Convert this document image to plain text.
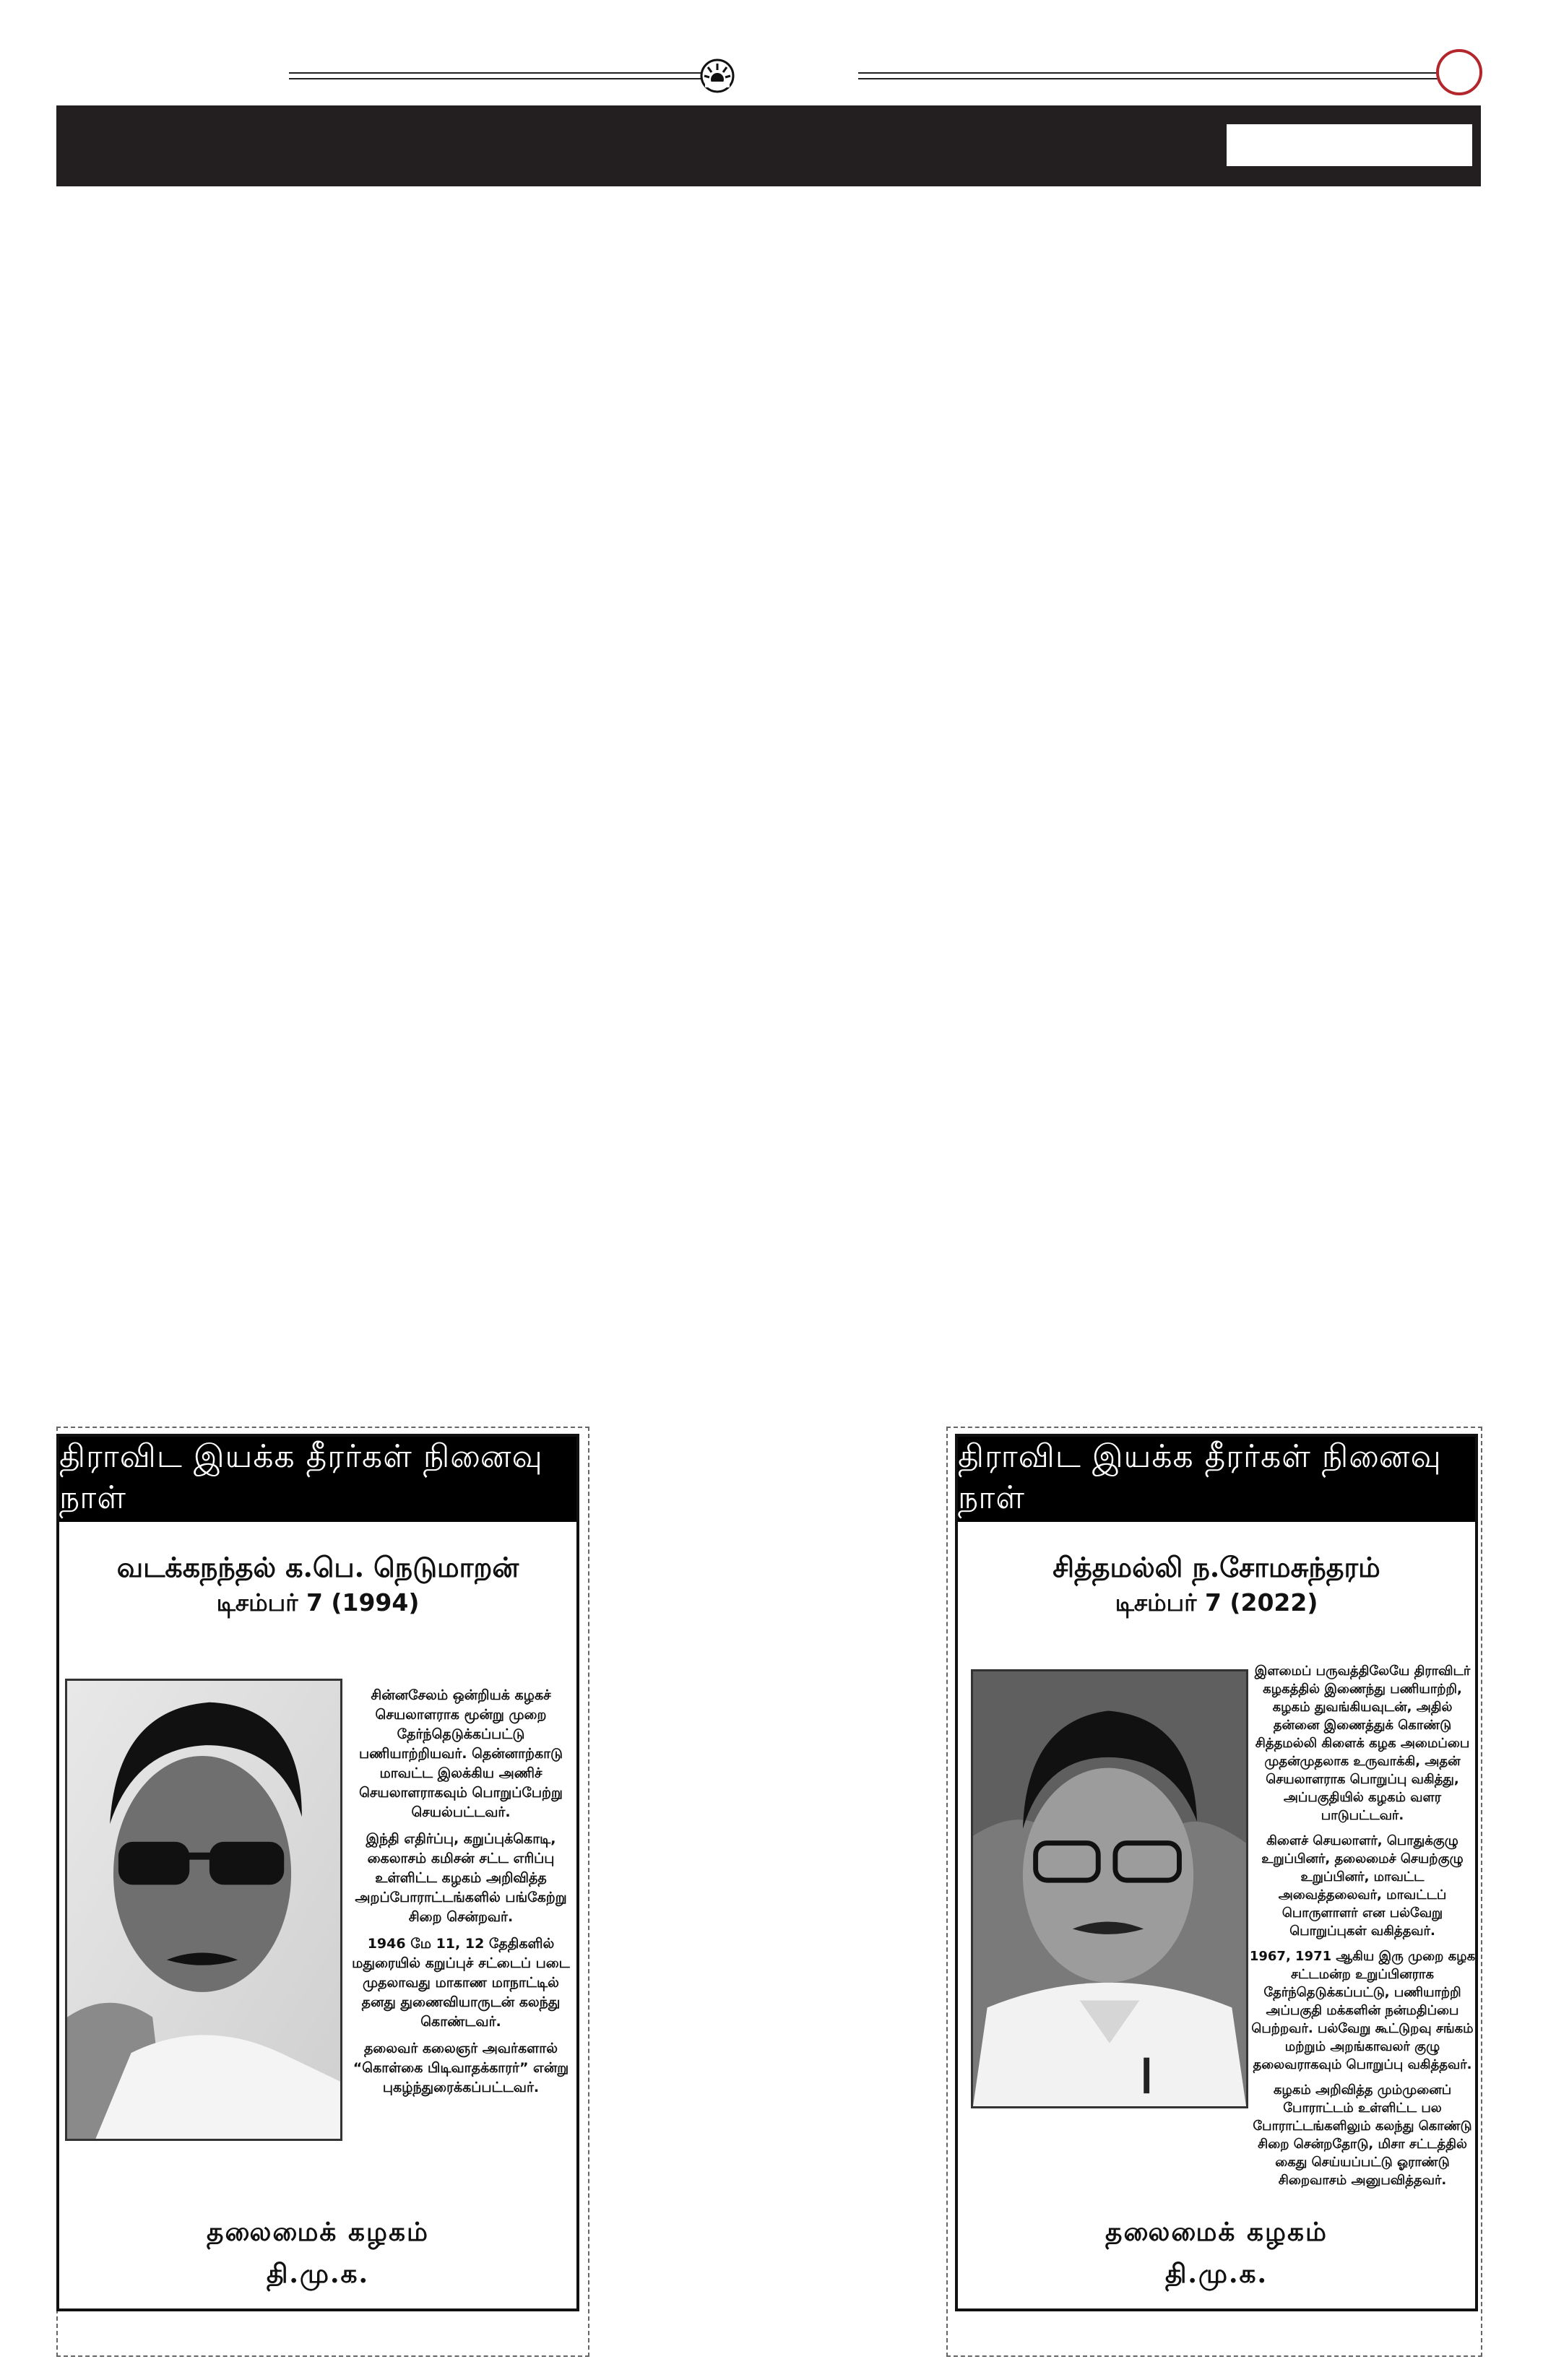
திராவிட இயக்க தீரர்கள் நினைவு நாள்
வடக்கநந்தல் க.பெ. நெடுமாறன்
டிசம்பர் 7 (1994)

சின்னசேலம் ஒன்றியக் கழகச் செயலாளராக மூன்று முறை தேர்ந்தெடுக்கப்பட்டு பணியாற்றியவர். தென்னாற்காடு மாவட்ட இலக்கிய அணிச் செயலாளராகவும் பொறுப்பேற்று செயல்பட்டவர்.

இந்தி எதிர்ப்பு, கறுப்புக்கொடி, கைலாசம் கமிசன் சட்ட எரிப்பு உள்ளிட்ட கழகம் அறிவித்த அறப்போராட்டங்களில் பங்கேற்று சிறை சென்றவர்.

1946 மே 11, 12 தேதிகளில் மதுரையில் கறுப்புச் சட்டைப் படை முதலாவது மாகாண மாநாட்டில் தனது துணைவியாருடன் கலந்து கொண்டவர்.

தலைவர் கலைஞர் அவர்களால் “கொள்கை பிடிவாதக்காரர்” என்று புகழ்ந்துரைக்கப்பட்டவர்.

தலைமைக் கழகம்
தி.மு.க.
திராவிட இயக்க தீரர்கள் நினைவு நாள்
சித்தமல்லி ந.சோமசுந்தரம்
டிசம்பர் 7 (2022)

இளமைப் பருவத்திலேயே திராவிடர் கழகத்தில் இணைந்து பணியாற்றி, கழகம் துவங்கியவுடன், அதில் தன்னை இணைத்துக் கொண்டு சித்தமல்லி கிளைக் கழக அமைப்பை முதன்முதலாக உருவாக்கி, அதன் செயலாளராக பொறுப்பு வகித்து, அப்பகுதியில் கழகம் வளர பாடுபட்டவர்.

கிளைச் செயலாளர், பொதுக்குழு உறுப்பினர், தலைமைச் செயற்குழு உறுப்பினர், மாவட்ட அவைத்தலைவர், மாவட்டப் பொருளாளர் என பல்வேறு பொறுப்புகள் வகித்தவர்.

1967, 1971 ஆகிய இரு முறை கழக சட்டமன்ற உறுப்பினராக தேர்ந்தெடுக்கப்பட்டு, பணியாற்றி அப்பகுதி மக்களின் நன்மதிப்பை பெற்றவர். பல்வேறு கூட்டுறவு சங்கம் மற்றும் அறங்காவலர் குழு தலைவராகவும் பொறுப்பு வகித்தவர்.

கழகம் அறிவித்த மும்முனைப் போராட்டம் உள்ளிட்ட பல போராட்டங்களிலும் கலந்து கொண்டு சிறை சென்றதோடு, மிசா சட்டத்தில் கைது செய்யப்பட்டு ஓராண்டு சிறைவாசம் அனுபவித்தவர்.

தலைமைக் கழகம்
தி.மு.க.
